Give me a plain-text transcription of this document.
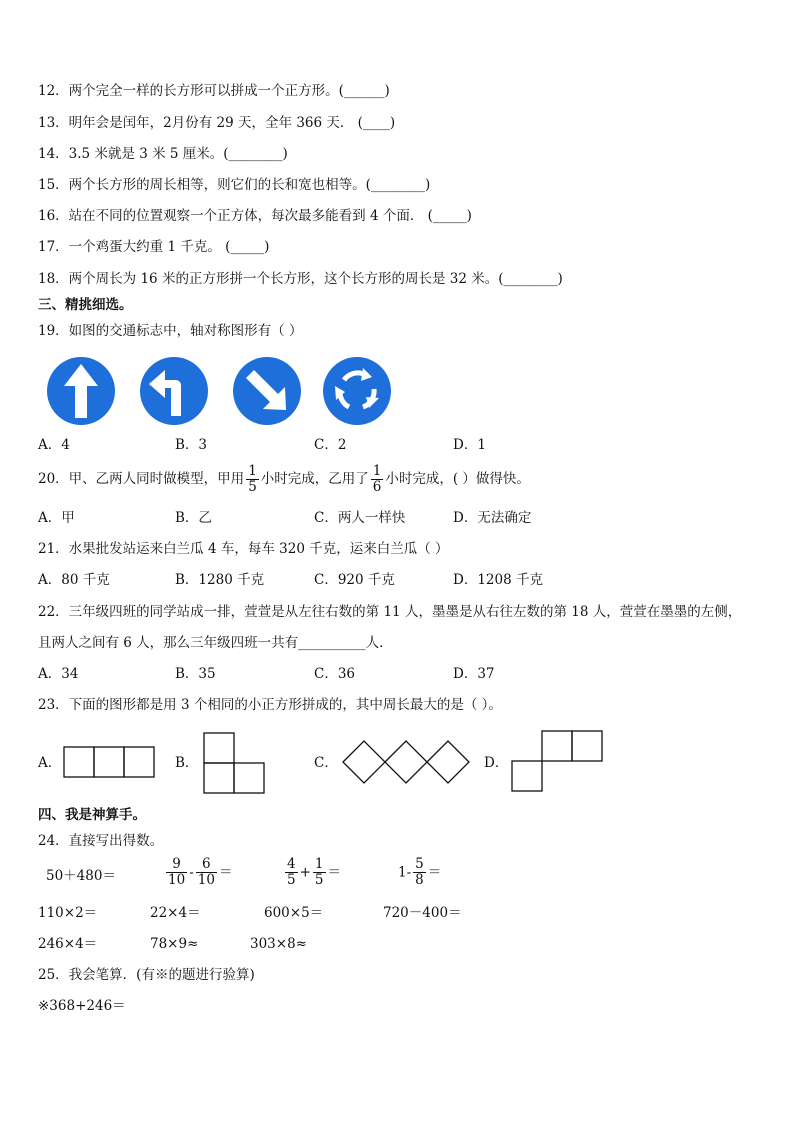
12．两个完全一样的长方形可以拼成一个正方形。(______)
13．明年会是闰年，2月份有 29 天，全年 366 天． (____)
14．3.5 米就是 3 米 5 厘米。(________)
15．两个长方形的周长相等，则它们的长和宽也相等。(________)
16．站在不同的位置观察一个正方体，每次最多能看到 4 个面． (_____)
17．一个鸡蛋大约重 1 千克。 (_____)
18．两个周长为 16 米的正方形拼一个长方形，这个长方形的周长是 32 米。(________)
三、精挑细选。
19．如图的交通标志中，轴对称图形有（ ）
A．4	B．3	C．2	D．1
20．甲、乙两人同时做模型，甲用 $\frac{1}{5}$ 小时完成，乙用了 $\frac{1}{6}$ 小时完成，( ）做得快。
A．甲	B．乙	C．两人一样快	D．无法确定
21．水果批发站运来白兰瓜 4 车，每车 320 千克，运来白兰瓜（ ）
A．80 千克	B．1280 千克	C．920 千克	D．1208 千克
22．三年级四班的同学站成一排，萱萱是从左往右数的第 11 人，墨墨是从右往左数的第 18 人，萱萱在墨墨的左侧，
且两人之间有 6 人，那么三年级四班一共有__________人．
A．34	B．35	C．36	D．37
23．下面的图形都是用 3 个相同的小正方形拼成的，其中周长最大的是（ ）。
A．	B．	C．	D．
四、我是神算手。
24．直接写出得数。
50＋480＝	$\frac{9}{10} - \frac{6}{10}$ ＝	$\frac{4}{5} + \frac{1}{5}$ ＝	$1- \frac{5}{8}$ ＝
110×2＝	22×4＝	600×5＝	720－400＝
246×4＝	78×9≈	303×8≈
25．我会笔算．(有※的题进行验算)
※368+246＝
